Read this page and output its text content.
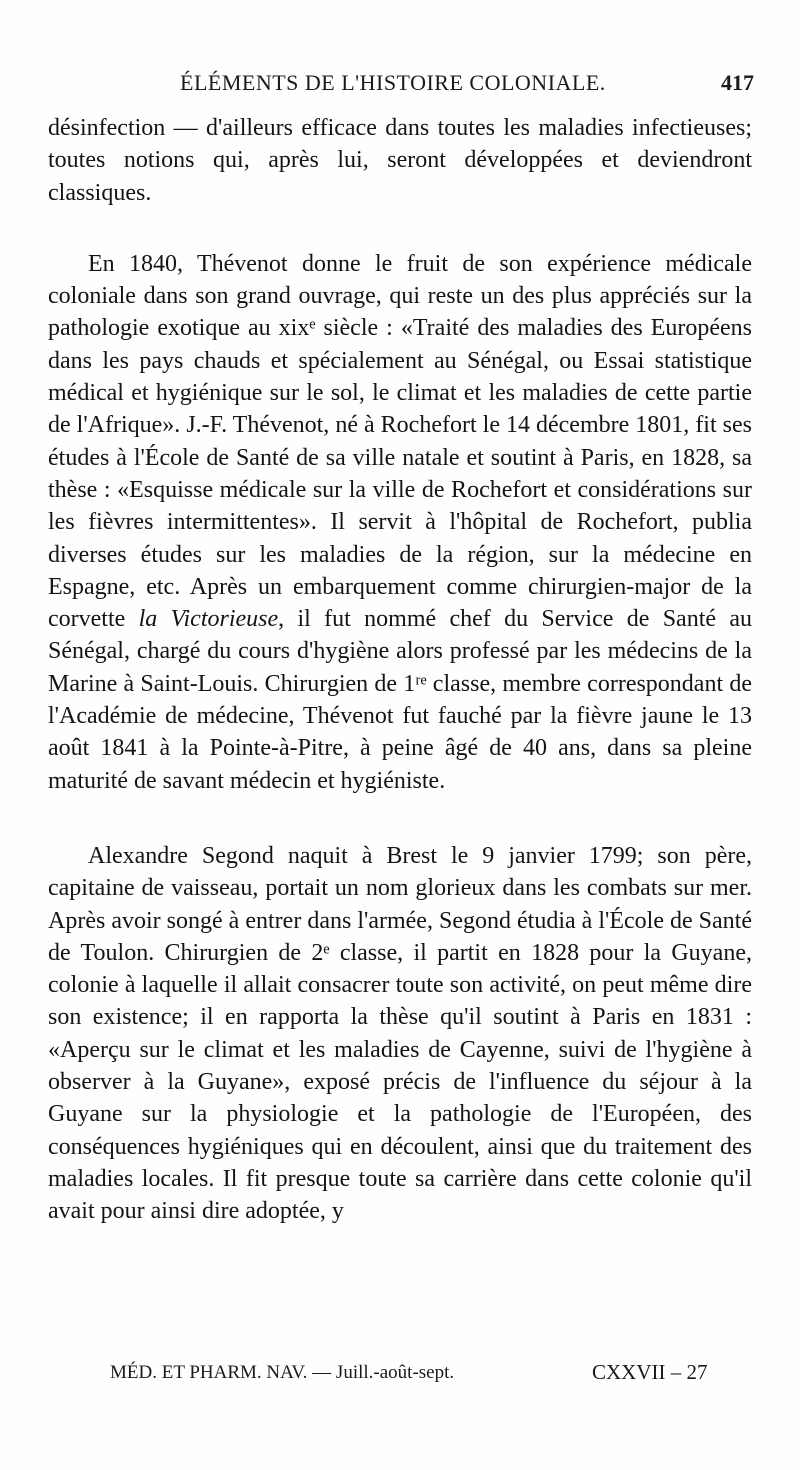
ÉLÉMENTS DE L'HISTOIRE COLONIALE.	417

désinfection — d'ailleurs efficace dans toutes les maladies infectieuses; toutes notions qui, après lui, seront développées et deviendront classiques.

En 1840, Thévenot donne le fruit de son expérience médicale coloniale dans son grand ouvrage, qui reste un des plus appréciés sur la pathologie exotique au xixᵉ siècle : «Traité des maladies des Européens dans les pays chauds et spécialement au Sénégal, ou Essai statistique médical et hygiénique sur le sol, le climat et les maladies de cette partie de l'Afrique». J.-F. Thévenot, né à Rochefort le 14 décembre 1801, fit ses études à l'École de Santé de sa ville natale et soutint à Paris, en 1828, sa thèse : «Esquisse médicale sur la ville de Rochefort et considérations sur les fièvres intermittentes». Il servit à l'hôpital de Rochefort, publia diverses études sur les maladies de la région, sur la médecine en Espagne, etc. Après un embarquement comme chirurgien-major de la corvette la Victorieuse, il fut nommé chef du Service de Santé au Sénégal, chargé du cours d'hygiène alors professé par les médecins de la Marine à Saint-Louis. Chirurgien de 1ʳᵉ classe, membre correspondant de l'Académie de médecine, Thévenot fut fauché par la fièvre jaune le 13 août 1841 à la Pointe-à-Pitre, à peine âgé de 40 ans, dans sa pleine maturité de savant médecin et hygiéniste.

Alexandre Segond naquit à Brest le 9 janvier 1799; son père, capitaine de vaisseau, portait un nom glorieux dans les combats sur mer. Après avoir songé à entrer dans l'armée, Segond étudia à l'École de Santé de Toulon. Chirurgien de 2ᵉ classe, il partit en 1828 pour la Guyane, colonie à laquelle il allait consacrer toute son activité, on peut même dire son existence; il en rapporta la thèse qu'il soutint à Paris en 1831 : «Aperçu sur le climat et les maladies de Cayenne, suivi de l'hygiène à observer à la Guyane», exposé précis de l'influence du séjour à la Guyane sur la physiologie et la pathologie de l'Européen, des conséquences hygiéniques qui en découlent, ainsi que du traitement des maladies locales. Il fit presque toute sa carrière dans cette colonie qu'il avait pour ainsi dire adoptée, y

MÉD. ET PHARM. NAV. — Juill.-août-sept.	CXXVII – 27
